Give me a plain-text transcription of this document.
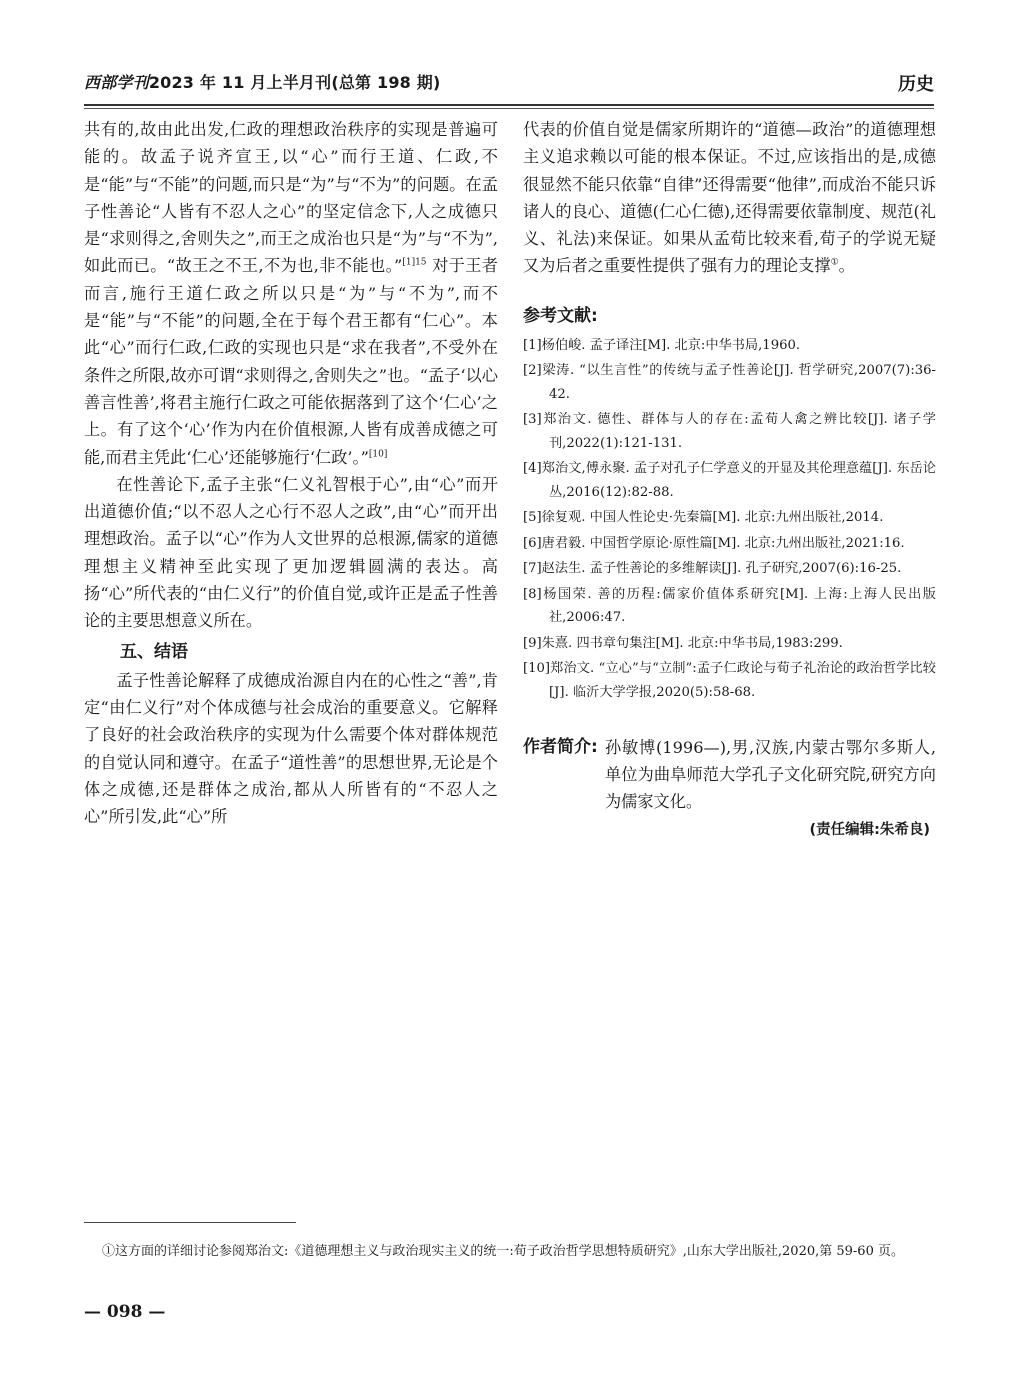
西部学刊2023 年 11 月上半月刊(总第 198 期)	历史

共有的,故由此出发,仁政的理想政治秩序的实现是普遍可能的。故孟子说齐宣王,以“心”而行王道、仁政,不是“能”与“不能”的问题,而只是“为”与“不为”的问题。在孟子性善论“人皆有不忍人之心”的坚定信念下,人之成德只是“求则得之,舍则失之”,而王之成治也只是“为”与“不为”,如此而已。“故王之不王,不为也,非不能也。”$^{[1]15}$ 对于王者而言,施行王道仁政之所以只是“为”与“不为”,而不是“能”与“不能”的问题,全在于每个君王都有“仁心”。本此“心”而行仁政,仁政的实现也只是“求在我者”,不受外在条件之所限,故亦可谓“求则得之,舍则失之”也。“孟子‘以心善言性善’,将君主施行仁政之可能依据落到了这个‘仁心’之上。有了这个‘心’作为内在价值根源,人皆有成善成德之可能,而君主凭此‘仁心’还能够施行‘仁政’。”[10]

在性善论下,孟子主张“仁义礼智根于心”,由“心”而开出道德价值;“以不忍人之心行不忍人之政”,由“心”而开出理想政治。孟子以“心”作为人文世界的总根源,儒家的道德理想主义精神至此实现了更加逻辑圆满的表达。高扬“心”所代表的“由仁义行”的价值自觉,或许正是孟子性善论的主要思想意义所在。

五、结语

孟子性善论解释了成德成治源自内在的心性之“善”,肯定“由仁义行”对个体成德与社会成治的重要意义。它解释了良好的社会政治秩序的实现为什么需要个体对群体规范的自觉认同和遵守。在孟子“道性善”的思想世界,无论是个体之成德,还是群体之成治,都从人所皆有的“不忍人之心”所引发,此“心”所

代表的价值自觉是儒家所期许的“道德—政治”的道德理想主义追求赖以可能的根本保证。不过,应该指出的是,成德很显然不能只依靠“自律”还得需要“他律”,而成治不能只诉诸人的良心、道德(仁心仁德),还得需要依靠制度、规范(礼义、礼法)来保证。如果从孟荀比较来看,荀子的学说无疑又为后者之重要性提供了强有力的理论支撑①。

参考文献:
[1]杨伯峻. 孟子译注[M]. 北京:中华书局,1960.
[2]梁涛. “以生言性”的传统与孟子性善论[J]. 哲学研究,2007(7):36-42.
[3]郑治文. 德性、群体与人的存在:孟荀人禽之辨比较[J]. 诸子学刊,2022(1):121-131.
[4]郑治文,傅永聚. 孟子对孔子仁学意义的开显及其伦理意蕴[J]. 东岳论丛,2016(12):82-88.
[5]徐复观. 中国人性论史·先秦篇[M]. 北京:九州出版社,2014.
[6]唐君毅. 中国哲学原论·原性篇[M]. 北京:九州出版社,2021:16.
[7]赵法生. 孟子性善论的多维解读[J]. 孔子研究,2007(6):16-25.
[8]杨国荣. 善的历程:儒家价值体系研究[M]. 上海:上海人民出版社,2006:47.
[9]朱熹. 四书章句集注[M]. 北京:中华书局,1983:299.
[10]郑治文. “立心”与“立制”:孟子仁政论与荀子礼治论的政治哲学比较[J]. 临沂大学学报,2020(5):58-68.
作者简介: 孙敏博(1996—),男,汉族,内蒙古鄂尔多斯人,单位为曲阜师范大学孔子文化研究院,研究方向为儒家文化。
(责任编辑:朱希良)
①这方面的详细讨论参阅郑治文:《道德理想主义与政治现实主义的统一:荀子政治哲学思想特质研究》,山东大学出版社,2020,第 59-60 页。
— 098 —
